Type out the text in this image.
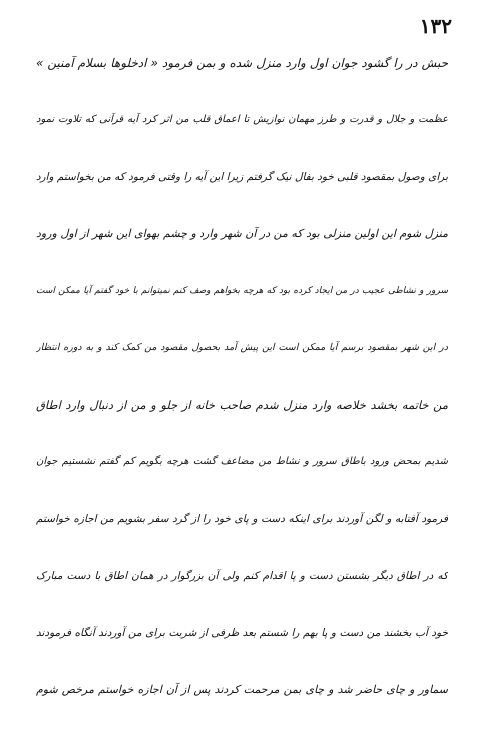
۱۳۲
حبش در را گشود جوان اول وارد منزل شده و بمن فرمود « ادخلوها بسلام آمنین »
عظمت و جلال و قدرت و طرز مهمان نوازیش تا اعماق قلب من اثر کرد آیه قرآنی که تلاوت نمود
برای وصول بمقصود قلبی خود بفال نیک گرفتم زیرا این آیه را وقتی فرمود که من بخواستم وارد
منزل شوم این اولین منزلی بود که من در آن شهر وارد و چشم بهوای این شهر از اول ورود
سرور و نشاطی عجیب در من ایجاد کرده بود که هرچه بخواهم وصف کنم نمیتوانم با خود گفتم آیا ممکن است
در این شهر بمقصود برسم آیا ممکن است این پیش آمد بحصول مقصود من کمک کند و به دوره انتظار
من خاتمه بخشد خلاصه وارد منزل شدم صاحب خانه از جلو و من از دنبال وارد اطاق
شدیم بمحض ورود باطاق سرور و نشاط من مضاعف گشت هرچه بگویم کم گفتم نشستیم جوان
فرمود آفتابه و لگن آوردند برای اینکه دست و پای خود را از گرد سفر بشویم من اجازه خواستم
که در اطاق دیگر بشستن دست و پا اقدام کنم ولی آن بزرگوار در همان اطاق با دست مبارک
خود آب بخشند من دست و پا بهم را شستم بعد ظرفی از شربت برای من آوردند آنگاه فرمودند
سماور و چای حاضر شد و چای بمن مرحمت کردند پس از آن اجازه خواستم مرخص شوم
